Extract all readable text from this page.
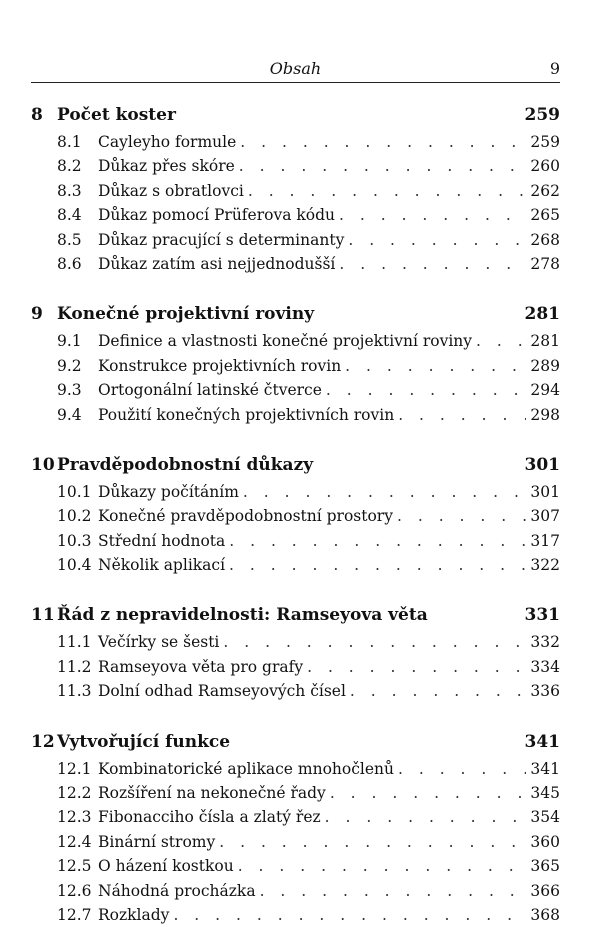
Obsah	9
8 Počet koster	259
8.1	Cayleyho formule . . .	259
8.2	Důkaz přes skóre . . .	260
8.3	Důkaz s obratlovci . . .	262
8.4	Důkaz pomocí Prüferova kódu . . .	265
8.5	Důkaz pracující s determinanty . . .	268
8.6	Důkaz zatím asi nejjednodušší . . .	278
9 Konečné projektivní roviny	281
9.1	Definice a vlastnosti konečné projektivní roviny . . .	281
9.2	Konstrukce projektivních rovin . . .	289
9.3	Ortogonální latinské čtverce . . .	294
9.4	Použití konečných projektivních rovin . . .	298
10 Pravděpodobnostní důkazy	301
10.1 Důkazy počítáním . . .	301
10.2 Konečné pravděpodobnostní prostory . . .	307
10.3 Střední hodnota . . .	317
10.4 Několik aplikací . . .	322
11 Řád z nepravidelnosti: Ramseyova věta	331
11.1 Večírky se šesti . . .	332
11.2 Ramseyova věta pro grafy . . .	334
11.3 Dolní odhad Ramseyových čísel . . .	336
12 Vytvořující funkce	341
12.1 Kombinatorické aplikace mnohočlenů . . .	341
12.2 Rozšíření na nekonečné řady . . .	345
12.3 Fibonacciho čísla a zlatý řez . . .	354
12.4 Binární stromy . . .	360
12.5 O házení kostkou . . .	365
12.6 Náhodná procházka . . .	366
12.7 Rozklady . . .	368
